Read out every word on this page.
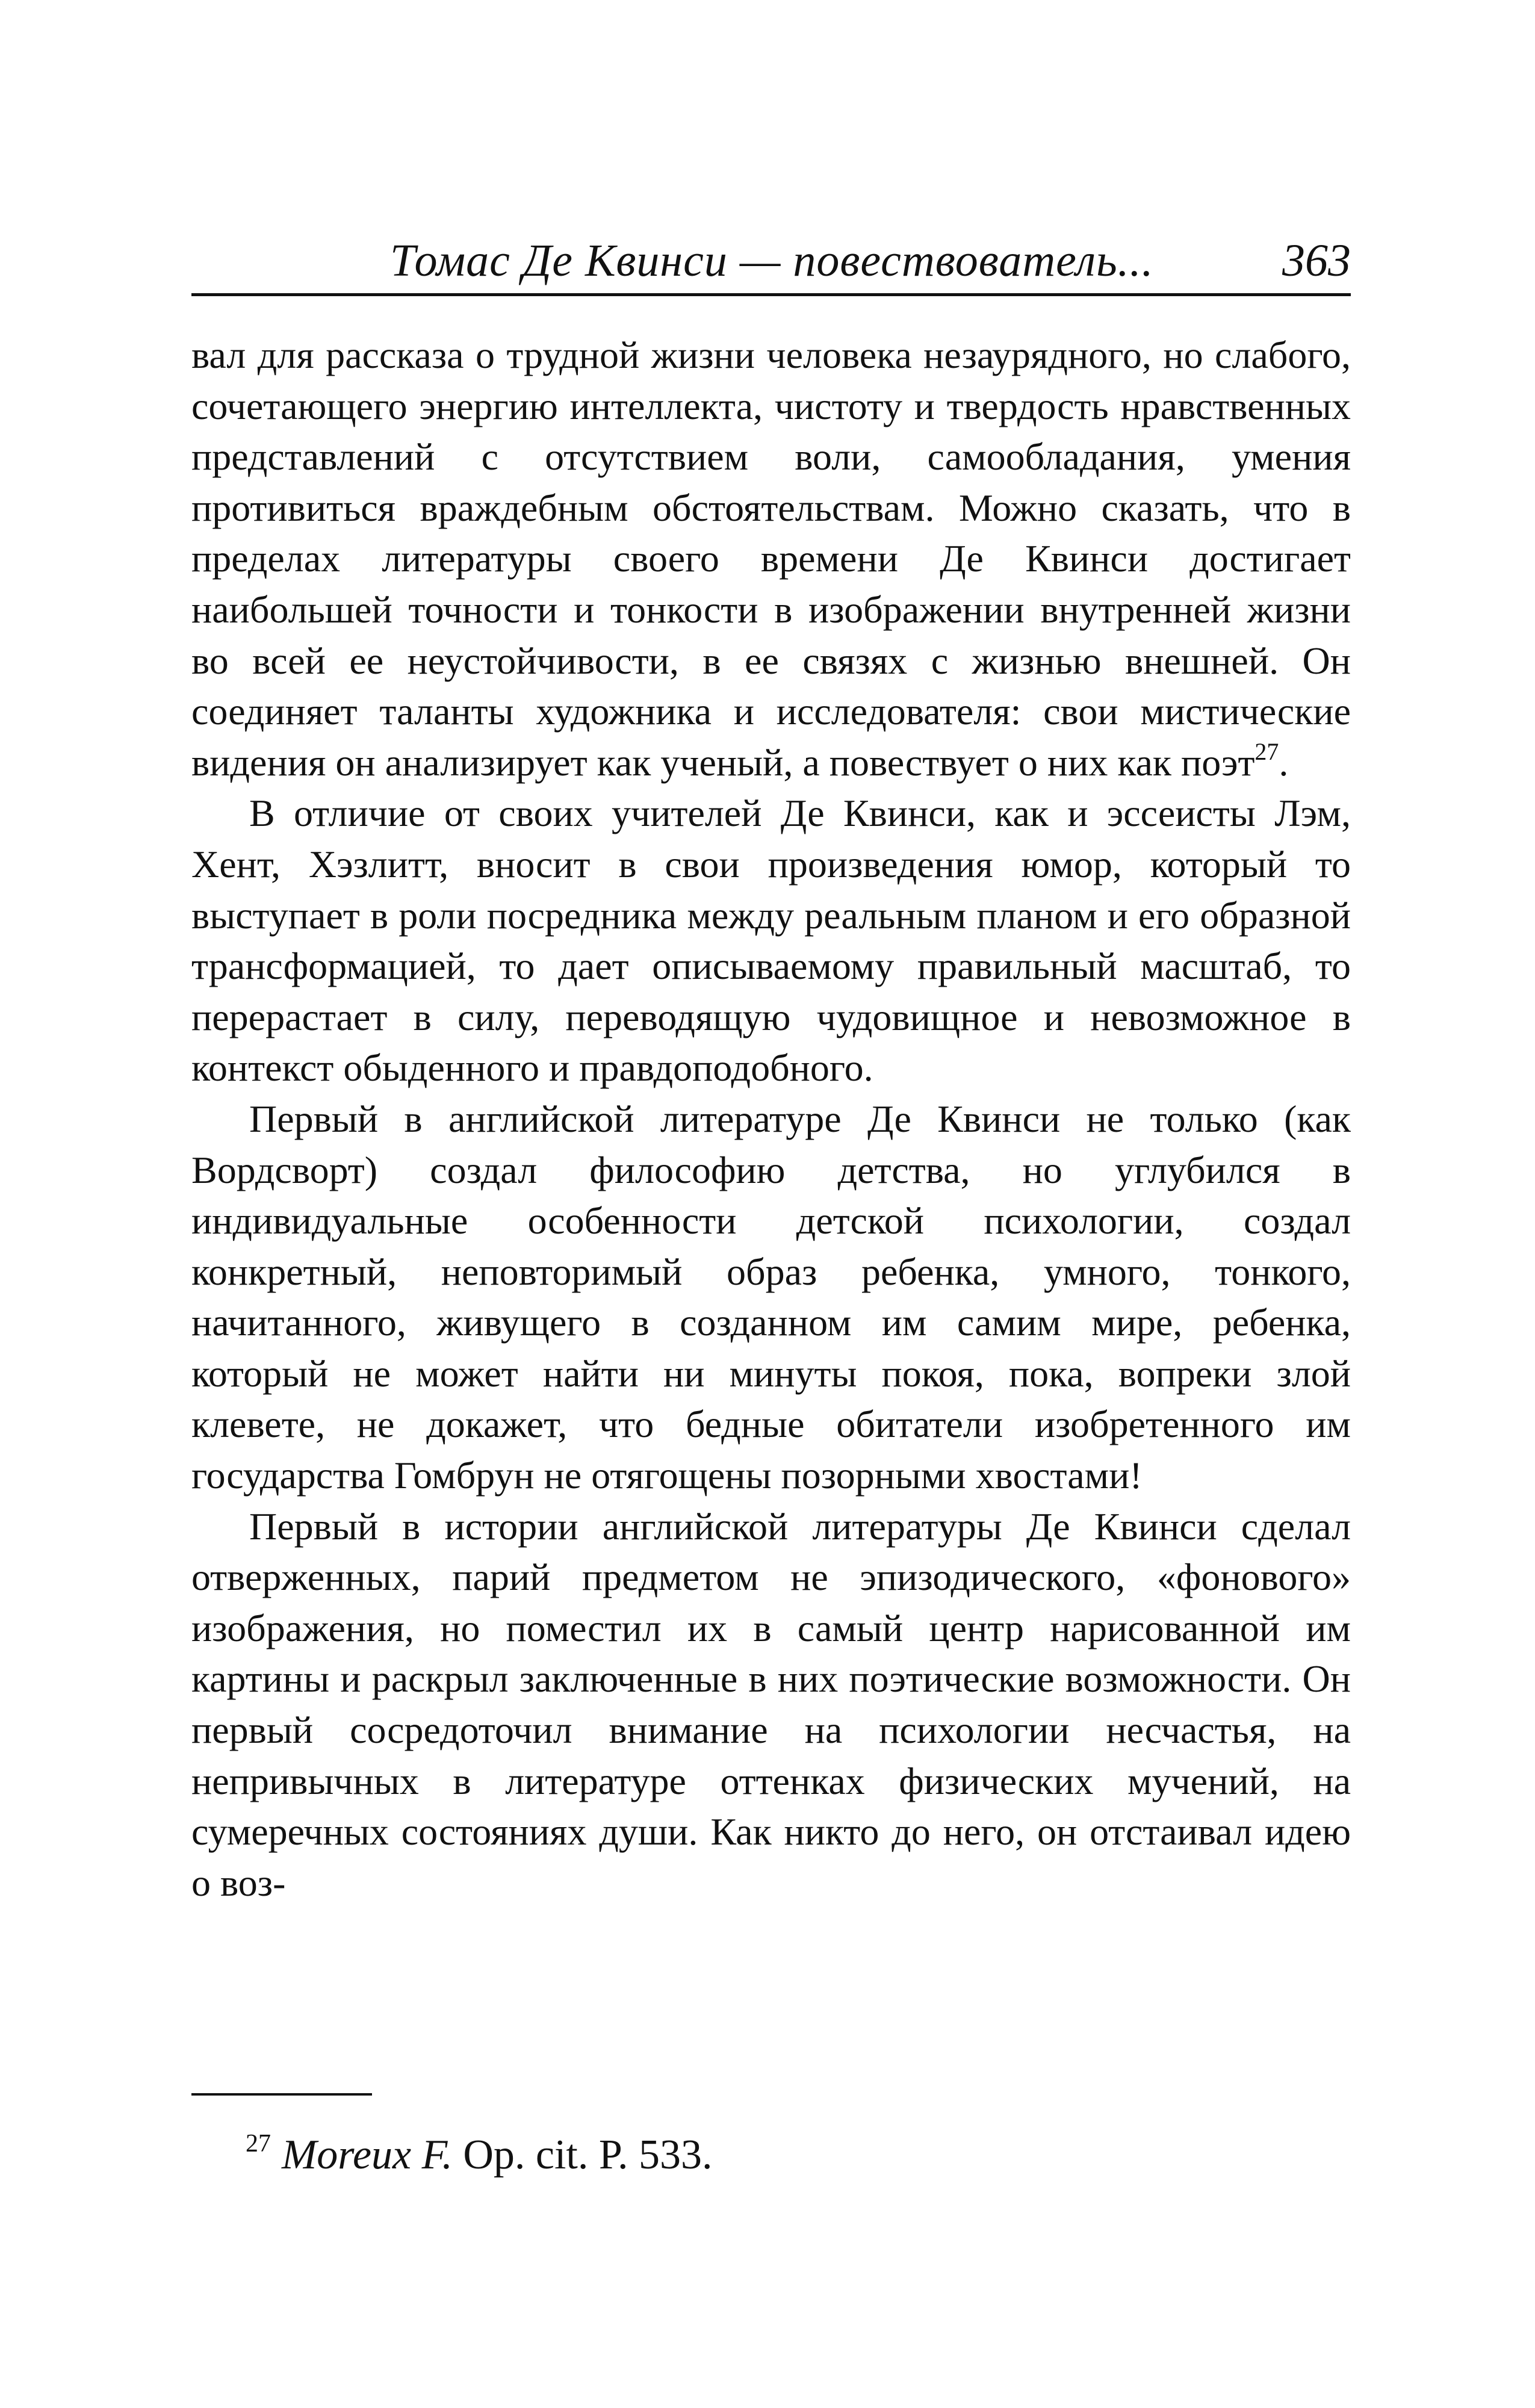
Томас Де Квинси — повествователь...	363

вал для рассказа о трудной жизни человека незаурядного, но слабого, сочетающего энергию интеллекта, чистоту и твердость нравственных представлений с отсутствием воли, самообладания, умения противиться враждебным обстоятельствам. Можно сказать, что в пределах литературы своего времени Де Квинси достигает наибольшей точности и тонкости в изображении внутренней жизни во всей ее неустойчивости, в ее связях с жизнью внешней. Он соединяет таланты художника и исследователя: свои мистические видения он анализирует как ученый, а повествует о них как поэт$^{27}$.

В отличие от своих учителей Де Квинси, как и эссеисты Лэм, Хент, Хэзлитт, вносит в свои произведения юмор, который то выступает в роли посредника между реальным планом и его образной трансформацией, то дает описываемому правильный масштаб, то перерастает в силу, переводящую чудовищное и невозможное в контекст обыденного и правдоподобного.

Первый в английской литературе Де Квинси не только (как Вордсворт) создал философию детства, но углубился в индивидуальные особенности детской психологии, создал конкретный, неповторимый образ ребенка, умного, тонкого, начитанного, живущего в созданном им самим мире, ребенка, который не может найти ни минуты покоя, пока, вопреки злой клевете, не докажет, что бедные обитатели изобретенного им государства Гомбрун не отягощены позорными хвостами!

Первый в истории английской литературы Де Квинси сделал отверженных, парий предметом не эпизодического, «фонового» изображения, но поместил их в самый центр нарисованной им картины и раскрыл заключенные в них поэтические возможности. Он первый сосредоточил внимание на психологии несчастья, на непривычных в литературе оттенках физических мучений, на сумеречных состояниях души. Как никто до него, он отстаивал идею о воз-

$^{27}$ Moreux F. Op. cit. P. 533.
